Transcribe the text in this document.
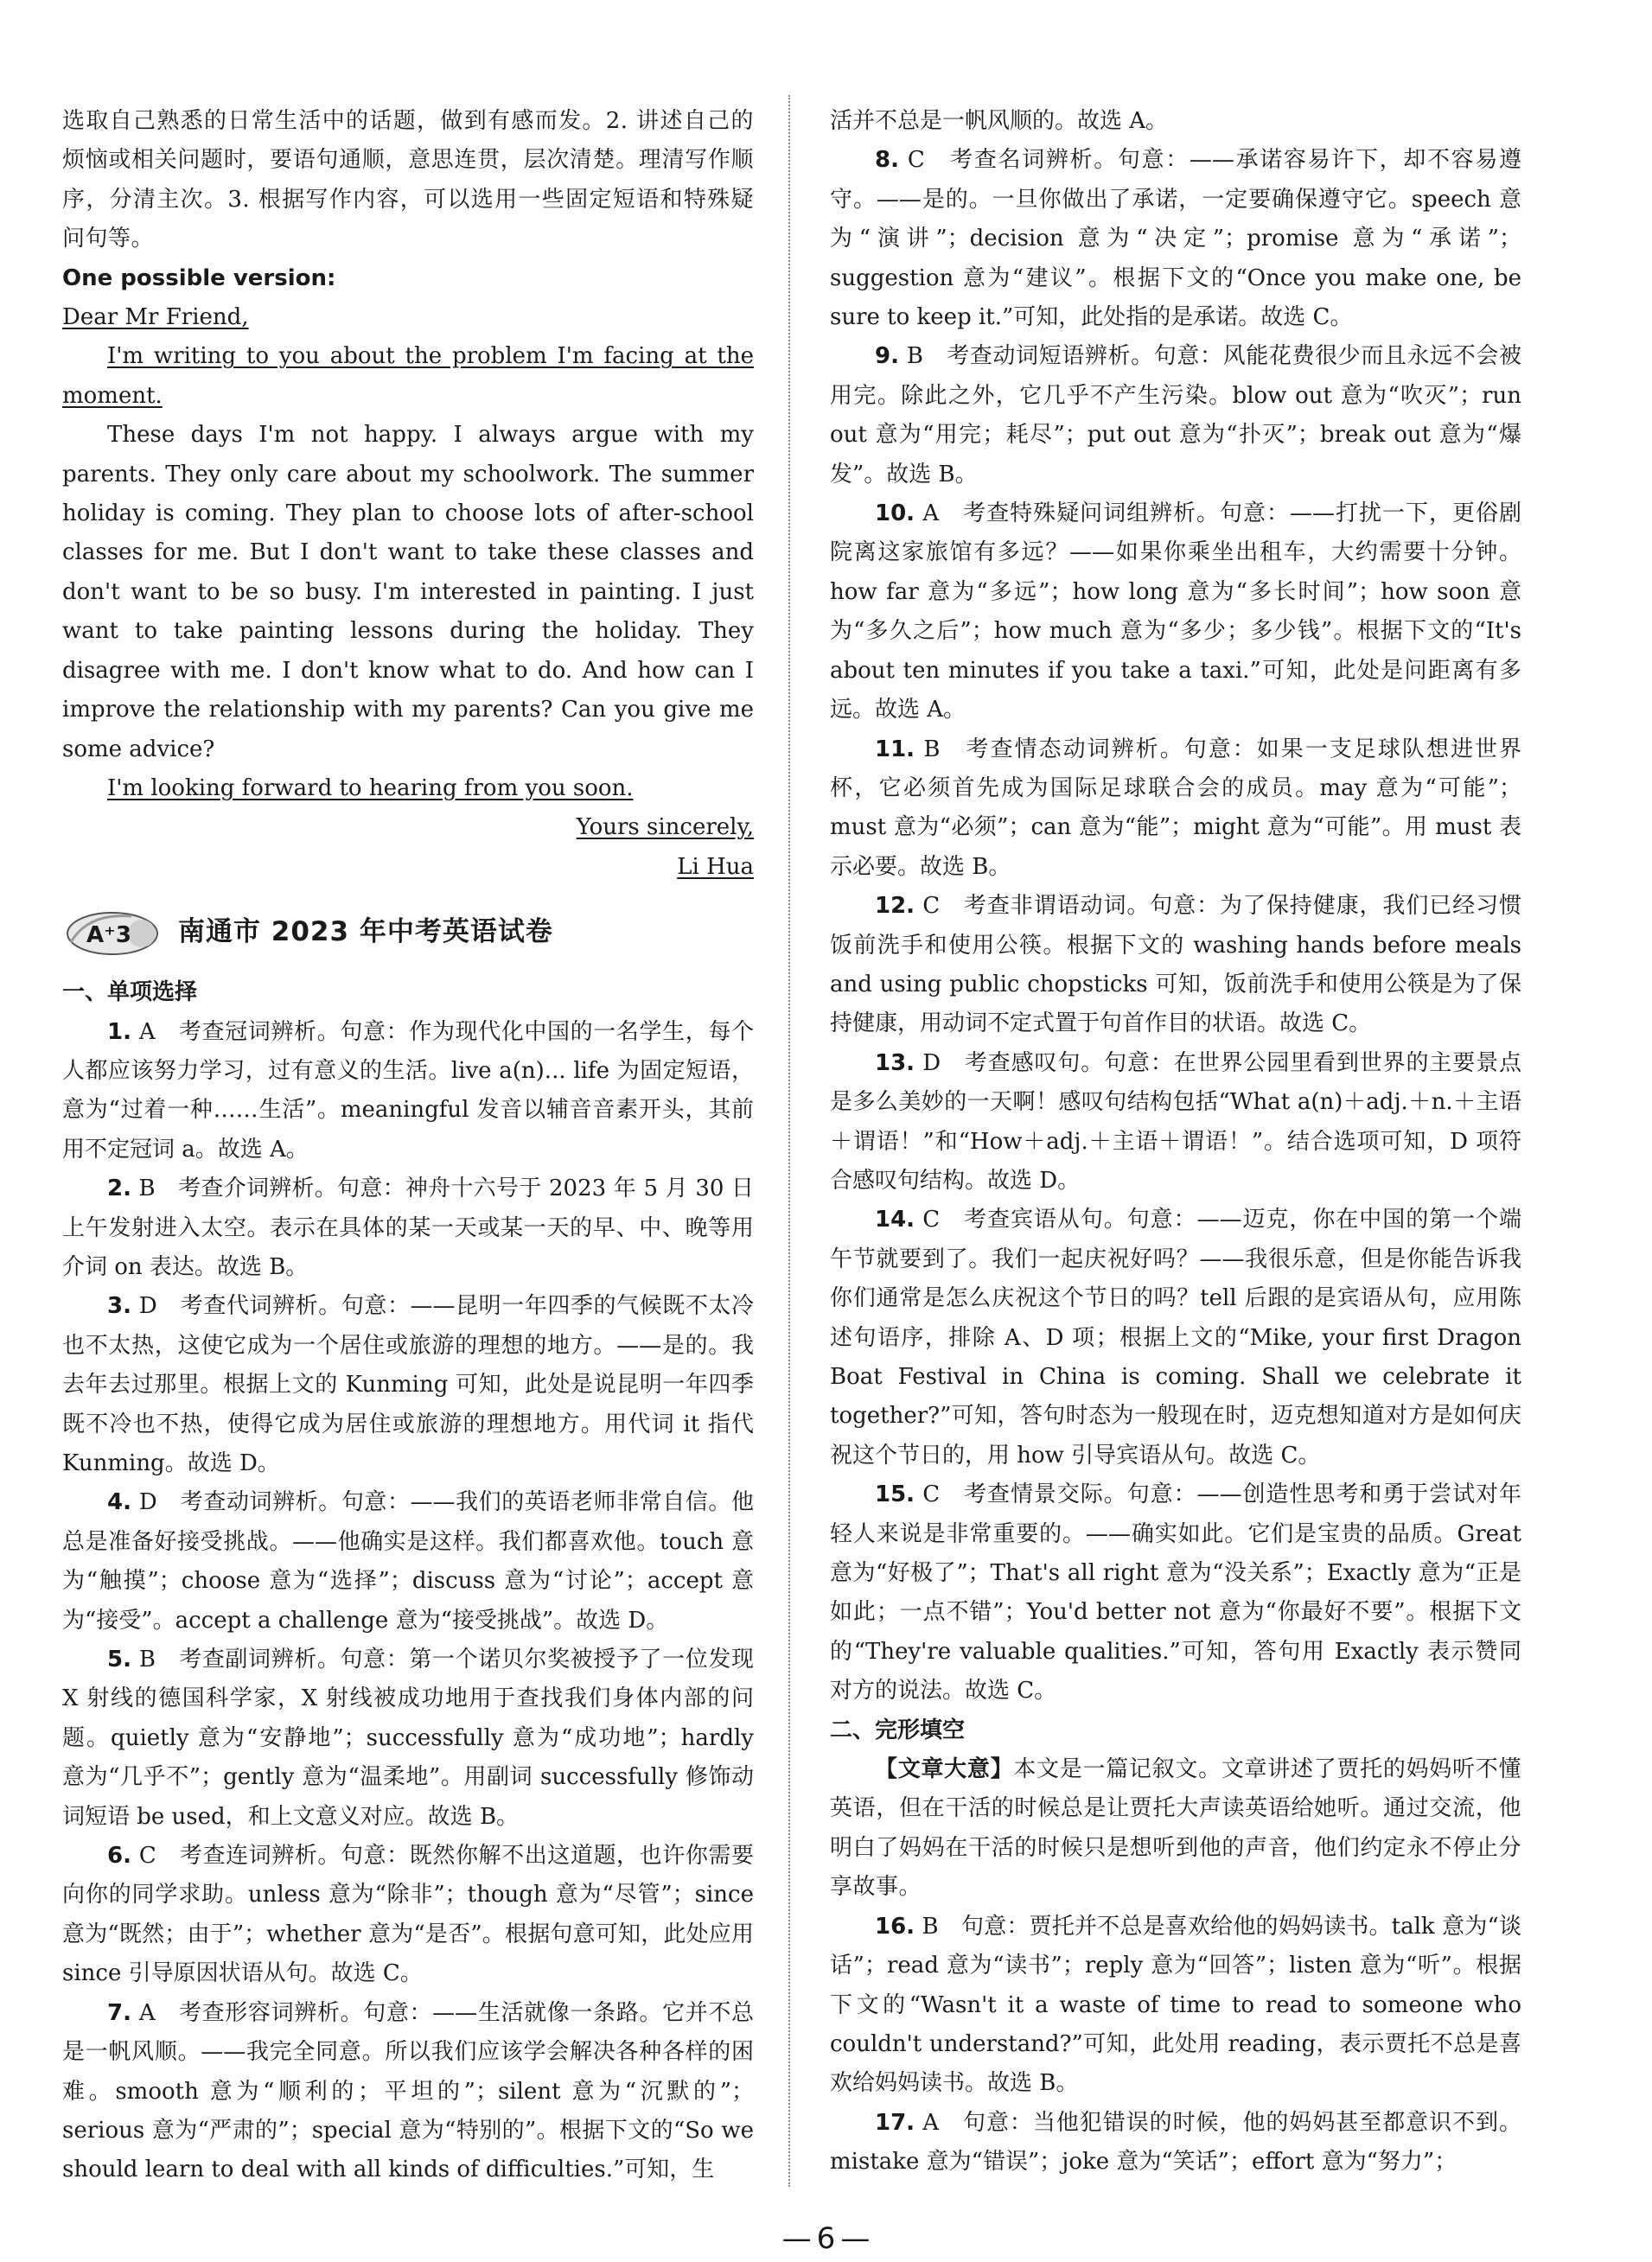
选取自己熟悉的日常生活中的话题，做到有感而发。2. 讲述自己的烦恼或相关问题时，要语句通顺，意思连贯，层次清楚。理清写作顺序，分清主次。3. 根据写作内容，可以选用一些固定短语和特殊疑问句等。

One possible version:

Dear Mr Friend,

I'm writing to you about the problem I'm facing at the moment.

These days I'm not happy. I always argue with my parents. They only care about my schoolwork. The summer holiday is coming. They plan to choose lots of after-school classes for me. But I don't want to take these classes and don't want to be so busy. I'm interested in painting. I just want to take painting lessons during the holiday. They disagree with me. I don't know what to do. And how can I improve the relationship with my parents? Can you give me some advice?

I'm looking forward to hearing from you soon.

Yours sincerely,

Li Hua

A⁺3 南通市 2023 年中考英语试卷

一、单项选择

1. A　考查冠词辨析。句意：作为现代化中国的一名学生，每个人都应该努力学习，过有意义的生活。live a(n)... life 为固定短语，意为“过着一种……生活”。meaningful 发音以辅音音素开头，其前用不定冠词 a。故选 A。

2. B　考查介词辨析。句意：神舟十六号于 2023 年 5 月 30 日上午发射进入太空。表示在具体的某一天或某一天的早、中、晚等用介词 on 表达。故选 B。

3. D　考查代词辨析。句意：——昆明一年四季的气候既不太冷也不太热，这使它成为一个居住或旅游的理想的地方。——是的。我去年去过那里。根据上文的 Kunming 可知，此处是说昆明一年四季既不冷也不热，使得它成为居住或旅游的理想地方。用代词 it 指代 Kunming。故选 D。

4. D　考查动词辨析。句意：——我们的英语老师非常自信。他总是准备好接受挑战。——他确实是这样。我们都喜欢他。touch 意为“触摸”；choose 意为“选择”；discuss 意为“讨论”；accept 意为“接受”。accept a challenge 意为“接受挑战”。故选 D。

5. B　考查副词辨析。句意：第一个诺贝尔奖被授予了一位发现 X 射线的德国科学家，X 射线被成功地用于查找我们身体内部的问题。quietly 意为“安静地”；successfully 意为“成功地”；hardly 意为“几乎不”；gently 意为“温柔地”。用副词 successfully 修饰动词短语 be used，和上文意义对应。故选 B。

6. C　考查连词辨析。句意：既然你解不出这道题，也许你需要向你的同学求助。unless 意为“除非”；though 意为“尽管”；since 意为“既然；由于”；whether 意为“是否”。根据句意可知，此处应用 since 引导原因状语从句。故选 C。

7. A　考查形容词辨析。句意：——生活就像一条路。它并不总是一帆风顺。——我完全同意。所以我们应该学会解决各种各样的困难。smooth 意为“顺利的；平坦的”；silent 意为“沉默的”；serious 意为“严肃的”；special 意为“特别的”。根据下文的“So we should learn to deal with all kinds of difficulties.”可知，生

活并不总是一帆风顺的。故选 A。

8. C　考查名词辨析。句意：——承诺容易许下，却不容易遵守。——是的。一旦你做出了承诺，一定要确保遵守它。speech 意为“演讲”；decision 意为“决定”；promise 意为“承诺”；suggestion 意为“建议”。根据下文的“Once you make one, be sure to keep it.”可知，此处指的是承诺。故选 C。

9. B　考查动词短语辨析。句意：风能花费很少而且永远不会被用完。除此之外，它几乎不产生污染。blow out 意为“吹灭”；run out 意为“用完；耗尽”；put out 意为“扑灭”；break out 意为“爆发”。故选 B。

10. A　考查特殊疑问词组辨析。句意：——打扰一下，更俗剧院离这家旅馆有多远？——如果你乘坐出租车，大约需要十分钟。how far 意为“多远”；how long 意为“多长时间”；how soon 意为“多久之后”；how much 意为“多少；多少钱”。根据下文的“It's about ten minutes if you take a taxi.”可知，此处是问距离有多远。故选 A。

11. B　考查情态动词辨析。句意：如果一支足球队想进世界杯，它必须首先成为国际足球联合会的成员。may 意为“可能”；must 意为“必须”；can 意为“能”；might 意为“可能”。用 must 表示必要。故选 B。

12. C　考查非谓语动词。句意：为了保持健康，我们已经习惯饭前洗手和使用公筷。根据下文的 washing hands before meals and using public chopsticks 可知，饭前洗手和使用公筷是为了保持健康，用动词不定式置于句首作目的状语。故选 C。

13. D　考查感叹句。句意：在世界公园里看到世界的主要景点是多么美妙的一天啊！感叹句结构包括“What a(n)＋adj.＋n.＋主语＋谓语！”和“How＋adj.＋主语＋谓语！”。结合选项可知，D 项符合感叹句结构。故选 D。

14. C　考查宾语从句。句意：——迈克，你在中国的第一个端午节就要到了。我们一起庆祝好吗？——我很乐意，但是你能告诉我你们通常是怎么庆祝这个节日的吗？tell 后跟的是宾语从句，应用陈述句语序，排除 A、D 项；根据上文的“Mike, your first Dragon Boat Festival in China is coming. Shall we celebrate it together?”可知，答句时态为一般现在时，迈克想知道对方是如何庆祝这个节日的，用 how 引导宾语从句。故选 C。

15. C　考查情景交际。句意：——创造性思考和勇于尝试对年轻人来说是非常重要的。——确实如此。它们是宝贵的品质。Great 意为“好极了”；That's all right 意为“没关系”；Exactly 意为“正是如此；一点不错”；You'd better not 意为“你最好不要”。根据下文的“They're valuable qualities.”可知，答句用 Exactly 表示赞同对方的说法。故选 C。

二、完形填空

【文章大意】本文是一篇记叙文。文章讲述了贾托的妈妈听不懂英语，但在干活的时候总是让贾托大声读英语给她听。通过交流，他明白了妈妈在干活的时候只是想听到他的声音，他们约定永不停止分享故事。

16. B　句意：贾托并不总是喜欢给他的妈妈读书。talk 意为“谈话”；read 意为“读书”；reply 意为“回答”；listen 意为“听”。根据下文的“Wasn't it a waste of time to read to someone who couldn't understand?”可知，此处用 reading，表示贾托不总是喜欢给妈妈读书。故选 B。

17. A　句意：当他犯错误的时候，他的妈妈甚至都意识不到。mistake 意为“错误”；joke 意为“笑话”；effort 意为“努力”；

— 6 —
